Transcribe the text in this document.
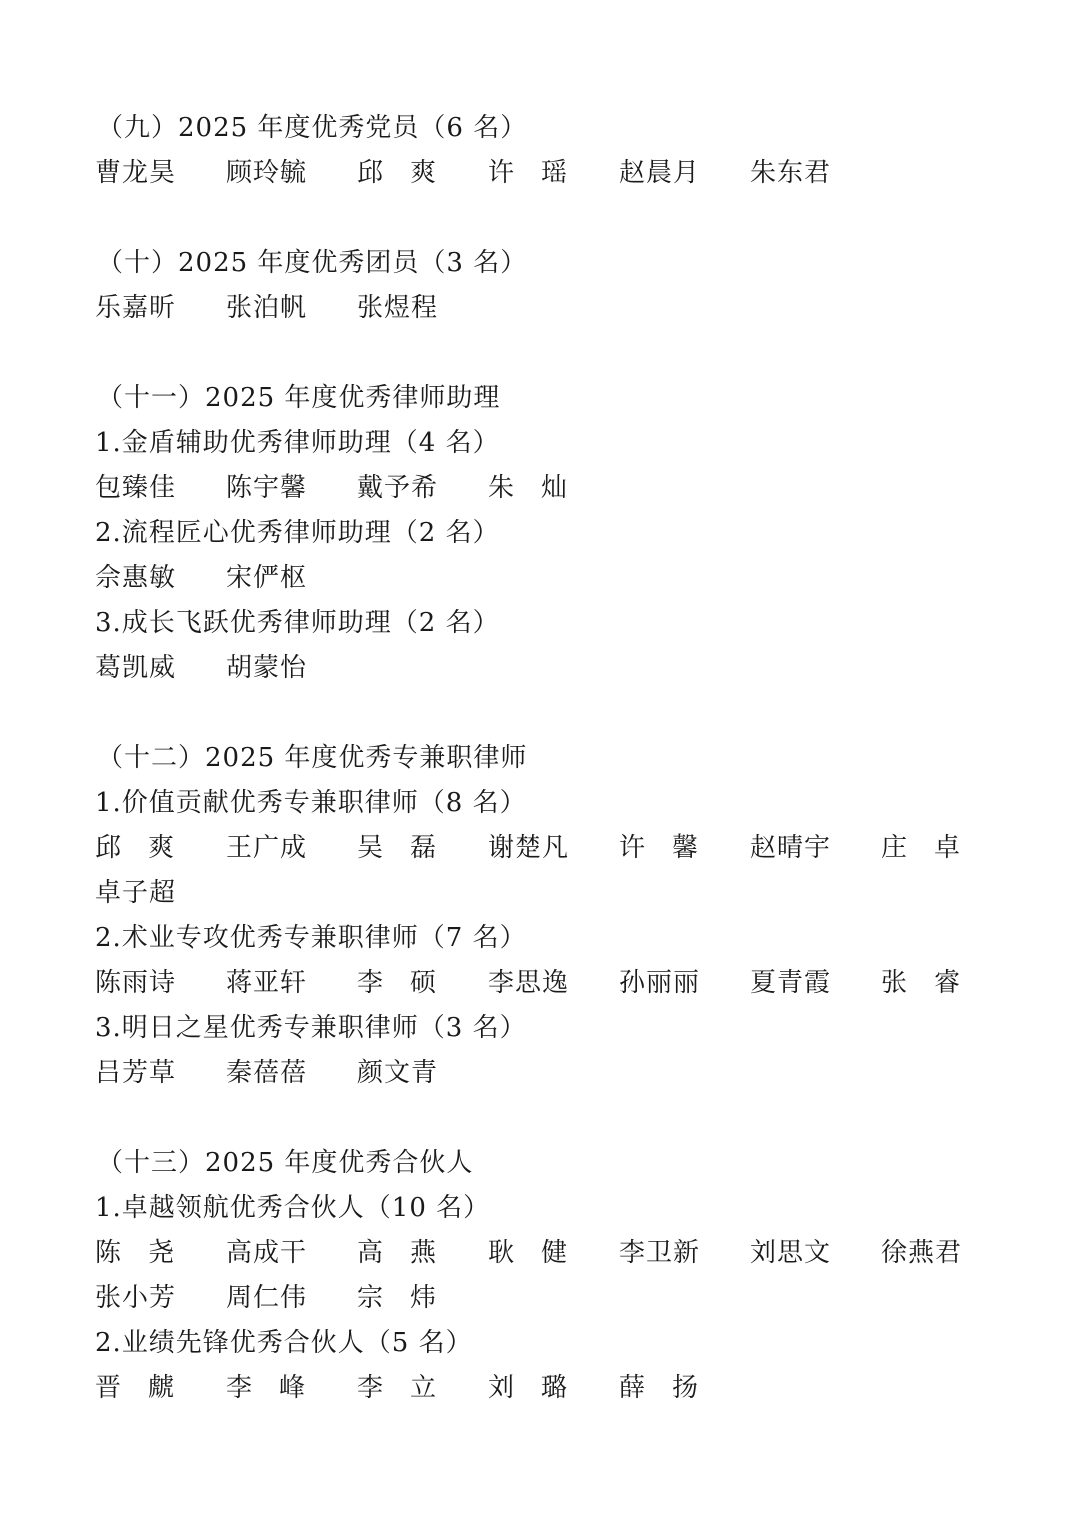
（九）2025 年度优秀党员（6 名）
曹龙昊	顾玲毓	邱爽 许瑶 赵晨月	朱东君
（十）2025 年度优秀团员（3 名）
乐嘉昕	张泊帆	张煜程
（十一）2025 年度优秀律师助理
1.金盾辅助优秀律师助理（4 名）
包臻佳	陈宇馨	戴予希	朱灿
2.流程匠心优秀律师助理（2 名）
佘惠敏	宋俨枢
3.成长飞跃优秀律师助理（2 名）
葛凯威	胡蒙怡
（十二）2025 年度优秀专兼职律师
1.价值贡献优秀专兼职律师（8 名）
邱爽 王广成	吴磊 谢楚凡	许馨 赵晴宇	庄卓
卓子超
2.术业专攻优秀专兼职律师（7 名）
陈雨诗	蒋亚轩	李硕 李思逸	孙丽丽	夏青霞	张睿
3.明日之星优秀专兼职律师（3 名）
吕芳草	秦蓓蓓	颜文青
（十三）2025 年度优秀合伙人
1.卓越领航优秀合伙人（10 名）
陈尧 高成干	高燕 耿健 李卫新	刘思文	徐燕君
张小芳	周仁伟	宗炜
2.业绩先锋优秀合伙人（5 名）
晋虤 李峰 李立 刘璐 薛扬
